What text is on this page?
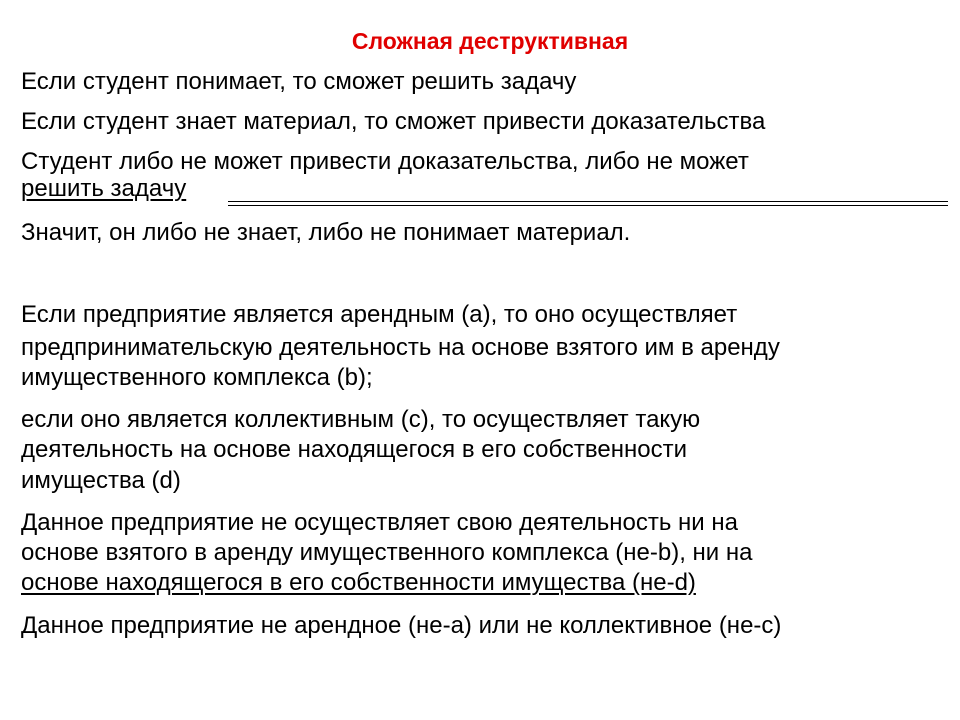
Сложная деструктивная

Если студент понимает, то сможет решить задачу

Если студент знает материал, то сможет привести доказательства

Студент либо не может привести доказательства, либо не может

решить задачу

Значит, он либо не знает, либо не понимает материал.

Если предприятие является арендным (а), то оно осуществляет

предпринимательскую деятельность на основе взятого им в аренду

имущественного комплекса (b);

если оно является коллективным (с), то осуществляет такую

деятельность на основе находящегося в его собственности

имущества (d)

Данное предприятие не осуществляет свою деятельность ни на

основе взятого в аренду имущественного комплекса (не-b), ни на

основе находящегося в его собственности имущества (не-d)

Данное предприятие не арендное (не-а) или не коллективное (не-с)
